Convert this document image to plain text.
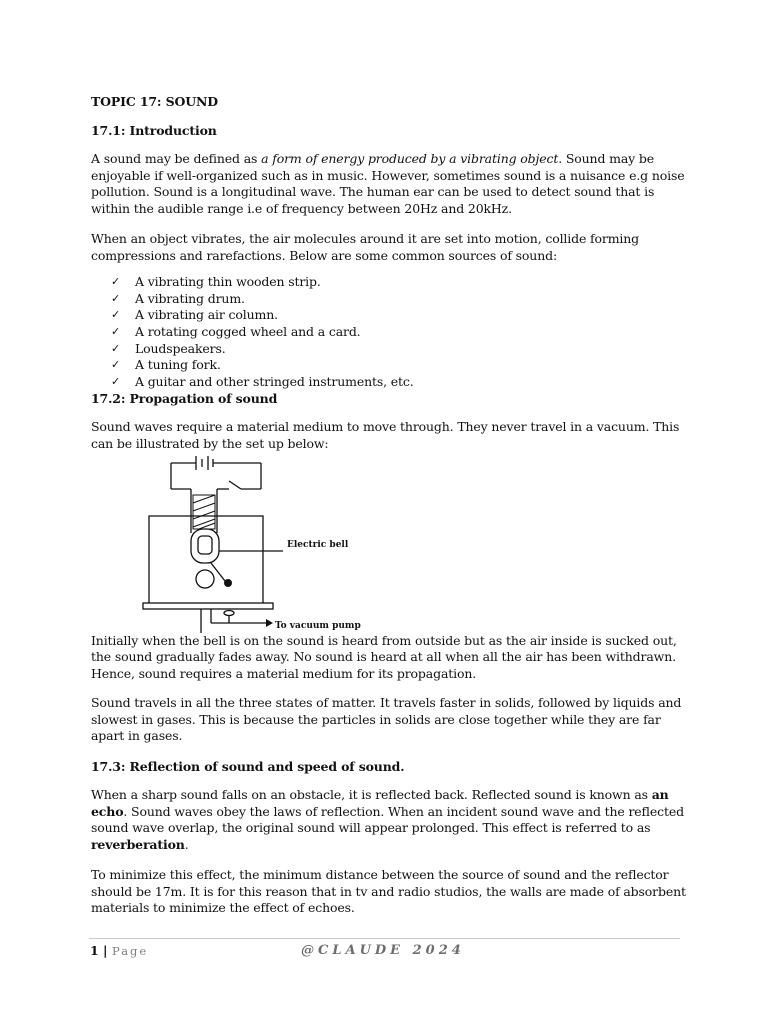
TOPIC 17: SOUND

17.1: Introduction

A sound may be defined as a form of energy produced by a vibrating object. Sound may be enjoyable if well-organized such as in music. However, sometimes sound is a nuisance e.g noise pollution. Sound is a longitudinal wave. The human ear can be used to detect sound that is within the audible range i.e of frequency between 20Hz and 20kHz.

When an object vibrates, the air molecules around it are set into motion, collide forming compressions and rarefactions. Below are some common sources of sound:

✓ A vibrating thin wooden strip.
✓ A vibrating drum.
✓ A vibrating air column.
✓ A rotating cogged wheel and a card.
✓ Loudspeakers.
✓ A tuning fork.
✓ A guitar and other stringed instruments, etc.

17.2: Propagation of sound

Sound waves require a material medium to move through. They never travel in a vacuum. This can be illustrated by the set up below:

Electric bell
To vacuum pump

Initially when the bell is on the sound is heard from outside but as the air inside is sucked out, the sound gradually fades away. No sound is heard at all when all the air has been withdrawn. Hence, sound requires a material medium for its propagation.

Sound travels in all the three states of matter. It travels faster in solids, followed by liquids and slowest in gases. This is because the particles in solids are close together while they are far apart in gases.

17.3: Reflection of sound and speed of sound.

When a sharp sound falls on an obstacle, it is reflected back. Reflected sound is known as an echo. Sound waves obey the laws of reflection. When an incident sound wave and the reflected sound wave overlap, the original sound will appear prolonged. This effect is referred to as reverberation.

To minimize this effect, the minimum distance between the source of sound and the reflector should be 17m. It is for this reason that in tv and radio studios, the walls are made of absorbent materials to minimize the effect of echoes.

1 | Page	@CLAUDE 2024
